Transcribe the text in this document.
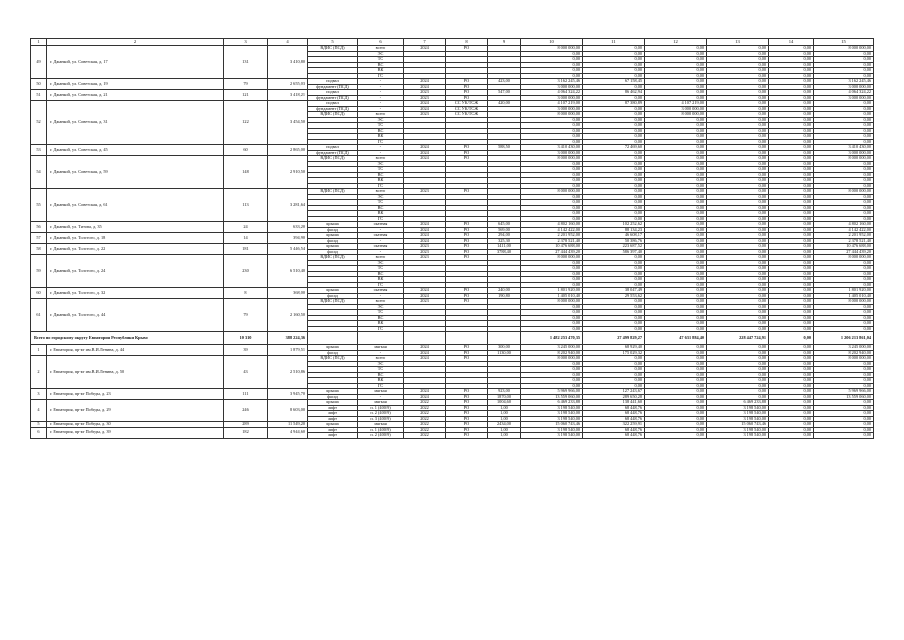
1	2	3	4	5	6	7	8	9	10	11	12	13	14	15
49	г. Джанкой, ул. Советская, д. 17	131	3 410,80	ВДИС (ПСД)	всего	2024	РО		8 000 000,00	0,00	0,00	0,00	0,00	8 000 000,00
					ЭС				0,00	0,00	0,00	0,00	0,00	0,00
					ТС				0,00	0,00	0,00	0,00	0,00	0,00
					ВС				0,00	0,00	0,00	0,00	0,00	0,00
					ВК				0,00	0,00	0,00	0,00	0,00	0,00
					ГС				0,00	0,00	0,00	0,00	0,00	0,00
50	г. Джанкой, ул. Советская, д. 19	79	2 655,03	подвал	-	2024	РО	423,00	3 162 245,46	67 158,45	0,00	0,00	0,00	3 162 245,46
				фундамент (ПСД)	-	2024	РО		3 000 000,00	0,00	0,00	0,00	0,00	3 000 000,00
51	г. Джанкой, ул. Советская, д. 21	121	3 418,21	подвал	-	2023	РО	547,00	4 064 324,22	86 462,94	0,00	0,00	0,00	4 064 324,22
				фундамент (ПСД)	-	2023	РО		3 000 000,00	0,00	0,00	0,00	0,00	3 000 000,00
52	г. Джанкой, ул. Советская, д. 31	122	3 454,50	подвал	-	2024	СС УК/ТСЖ	420,00	4 107 219,00	87 380,89	4 107 219,00	0,00	0,00	0,00
				фундамент (ПСД)	-	2024	СС УК/ТСЖ		3 000 000,00	0,00	3 000 000,00	0,00	0,00	0,00
				ВДИС (ПСД)	всего	2023	СС УК/ТСЖ		8 000 000,00	0,00	8 000 000,00	0,00	0,00	0,00
					ЭС				0,00	0,00	0,00	0,00	0,00	0,00
					ТС				0,00	0,00	0,00	0,00	0,00	0,00
					ВС				0,00	0,00	0,00	0,00	0,00	0,00
					ВК				0,00	0,00	0,00	0,00	0,00	0,00
					ГС				0,00	0,00	0,00	0,00	0,00	0,00
53	г. Джанкой, ул. Советская, д. 45	60	2 865,00	подвал	-	2024	РО	588,50	3 410 430,00	72 469,60	0,00	0,00	0,00	3 410 430,00
				фундамент (ПСД)	-	2024	РО		3 000 000,00	0,00	0,00	0,00	0,00	3 000 000,00
54	г. Джанкой, ул. Советская, д. 59	148	2 910,50	ВДИС (ПСД)	всего	2024	РО		8 000 000,00	0,00	0,00	0,00	0,00	8 000 000,00
					ЭС				0,00	0,00	0,00	0,00	0,00	0,00
					ТС				0,00	0,00	0,00	0,00	0,00	0,00
					ВС				0,00	0,00	0,00	0,00	0,00	0,00
					ВК				0,00	0,00	0,00	0,00	0,00	0,00
					ГС				0,00	0,00	0,00	0,00	0,00	0,00
55	г. Джанкой, ул. Советская, д. 61	113	3 281,64	ВДИС (ПСД)	всего	2023	РО		8 000 000,00	0,00	0,00	0,00	0,00	8 000 000,00
					ЭС				0,00	0,00	0,00	0,00	0,00	0,00
					ТС				0,00	0,00	0,00	0,00	0,00	0,00
					ВС				0,00	0,00	0,00	0,00	0,00	0,00
					ВК				0,00	0,00	0,00	0,00	0,00	0,00
					ГС				0,00	0,00	0,00	0,00	0,00	0,00
56	г. Джанкой, ул. Титова, д. 35	24	633,20	крыша	скатная	2024	РО	645,00	4 802 160,00	102 252,62	0,00	0,00	0,00	4 802 160,00
				фасад	-	2024	РО	569,00	4 142 422,00	88 134,23	0,00	0,00	0,00	4 142 422,00
57	г. Джанкой, ул. Толстого, д. 18	14	394,90	крыша	скатная	2024	РО	294,00	2 201 952,00	46 608,17	0,00	0,00	0,00	2 201 952,00
				фасад	-	2024	РО	325,30	2 378 521,40	50 386,76	0,00	0,00	0,00	2 378 521,40
58	г. Джанкой, ул. Толстого, д. 22	181	5 446,54	крыша	скатная	2023	РО	1411,00	10 476 688,00	223 687,52	0,00	0,00	0,00	10 476 688,00
				фасад	-	2023	РО	3788,40	27 444 439,20	586 397,40	0,00	0,00	0,00	27 444 439,20
59	г. Джанкой, ул. Толстого, д. 24	230	6 510,40	ВДИС (ПСД)	всего	2023	РО		8 000 000,00	0,00	0,00	0,00	0,00	8 000 000,00
					ЭС				0,00	0,00	0,00	0,00	0,00	0,00
					ТС				0,00	0,00	0,00	0,00	0,00	0,00
					ВС				0,00	0,00	0,00	0,00	0,00	0,00
					ВК				0,00	0,00	0,00	0,00	0,00	0,00
					ГС				0,00	0,00	0,00	0,00	0,00	0,00
60	г. Джанкой, ул. Толстого, д. 32	8	368,00	крыша	скатная	2024	РО	240,00	1 801 920,00	38 047,49	0,00	0,00	0,00	1 801 920,00
				фасад	-	2024	РО	190,80	1 405 010,40	29 553,62	0,00	0,00	0,00	1 405 010,40
61	г. Джанкой, ул. Толстого, д. 44	79	2 160,50	ВДИС (ПСД)	всего	2023	РО		8 000 000,00	0,00	0,00	0,00	0,00	8 000 000,00
					ЭС				0,00	0,00	0,00	0,00	0,00	0,00
					ТС				0,00	0,00	0,00	0,00	0,00	0,00
					ВС				0,00	0,00	0,00	0,00	0,00	0,00
					ВК				0,00	0,00	0,00	0,00	0,00	0,00
					ГС				0,00	0,00	0,00	0,00	0,00	0,00
Всего по городскому округу Евпатория Республики Крым:		10 310	388 224,36						1 482 253 470,35	27 499 829,27	47 631 884,40	228 447 724,91	0,00	1 206 213 861,04
1	г. Евпатория, пр-кт им.В.И.Ленина, д. 44	39	1 879,51	крыша	мягкая	2024	РО	300,00	3 245 000,00	68 929,40	0,00	0,00	0,00	3 245 000,00
				фасад	-	2024	РО	1130,00	8 202 940,00	175 029,32	0,00	0,00	0,00	8 202 940,00
2	г. Евпатория, пр-кт им.В.И.Ленина, д. 50	43	2 510,86	ВДИС (ПСД)	всего	2024	РО		8 000 000,00	0,00	0,00	0,00	0,00	8 000 000,00
					ЭС				0,00	0,00	0,00	0,00	0,00	0,00
					ТС				0,00	0,00	0,00	0,00	0,00	0,00
					ВС				0,00	0,00	0,00	0,00	0,00	0,00
					ВК				0,00	0,00	0,00	0,00	0,00	0,00
					ГС				0,00	0,00	0,00	0,00	0,00	0,00
3	г. Евпатория, пр-кт Победы, д. 23	111	3 945,70	крыша	мягкая	2024	РО	923,00	5 969 966,00	127 243,67	0,00	0,00	0,00	5 969 966,00
				фасад	-	2024	РО	1870,00	13 559 060,00	289 650,28	0,00	0,00	0,00	13 559 060,00
4	г. Евпатория, пр-кт Победы, д. 29	246	8 603,00	крыша	мягкая	2022	РО	1004,60	6 469 233,88	138 441,60	0,00	6 469 233,88	0,00	0,00
				лифт	п. 1 (400/9)	2022	РО	1,00	3 198 540,00	68 448,76	0,00	3 198 540,00	0,00	0,00
				лифт	п. 2 (400/9)	2022	РО	1,00	3 198 540,00	68 448,76	0,00	3 198 540,00	0,00	0,00
				лифт	п. 3 (400/9)	2022	РО	1,00	3 198 540,00	68 448,76	0,00	3 198 540,00	0,00	0,00
5	г. Евпатория, пр-кт Победы, д. 30	289	11 549,20	крыша	мягкая	2022	РО	2434,00	15 060 743,46	322 259,91	0,00	15 060 743,46	0,00	0,00
6	г. Евпатория, пр-кт Победы, д. 39	182	4 944,60	лифт	п. 1 (400/9)	2022	РО	1,00	3 198 540,00	68 448,76	0,00	3 198 540,00	0,00	0,00
				лифт	п. 2 (400/9)	2022	РО	1,00	3 198 540,00	68 448,76	0,00	3 198 540,00	0,00	0,00
